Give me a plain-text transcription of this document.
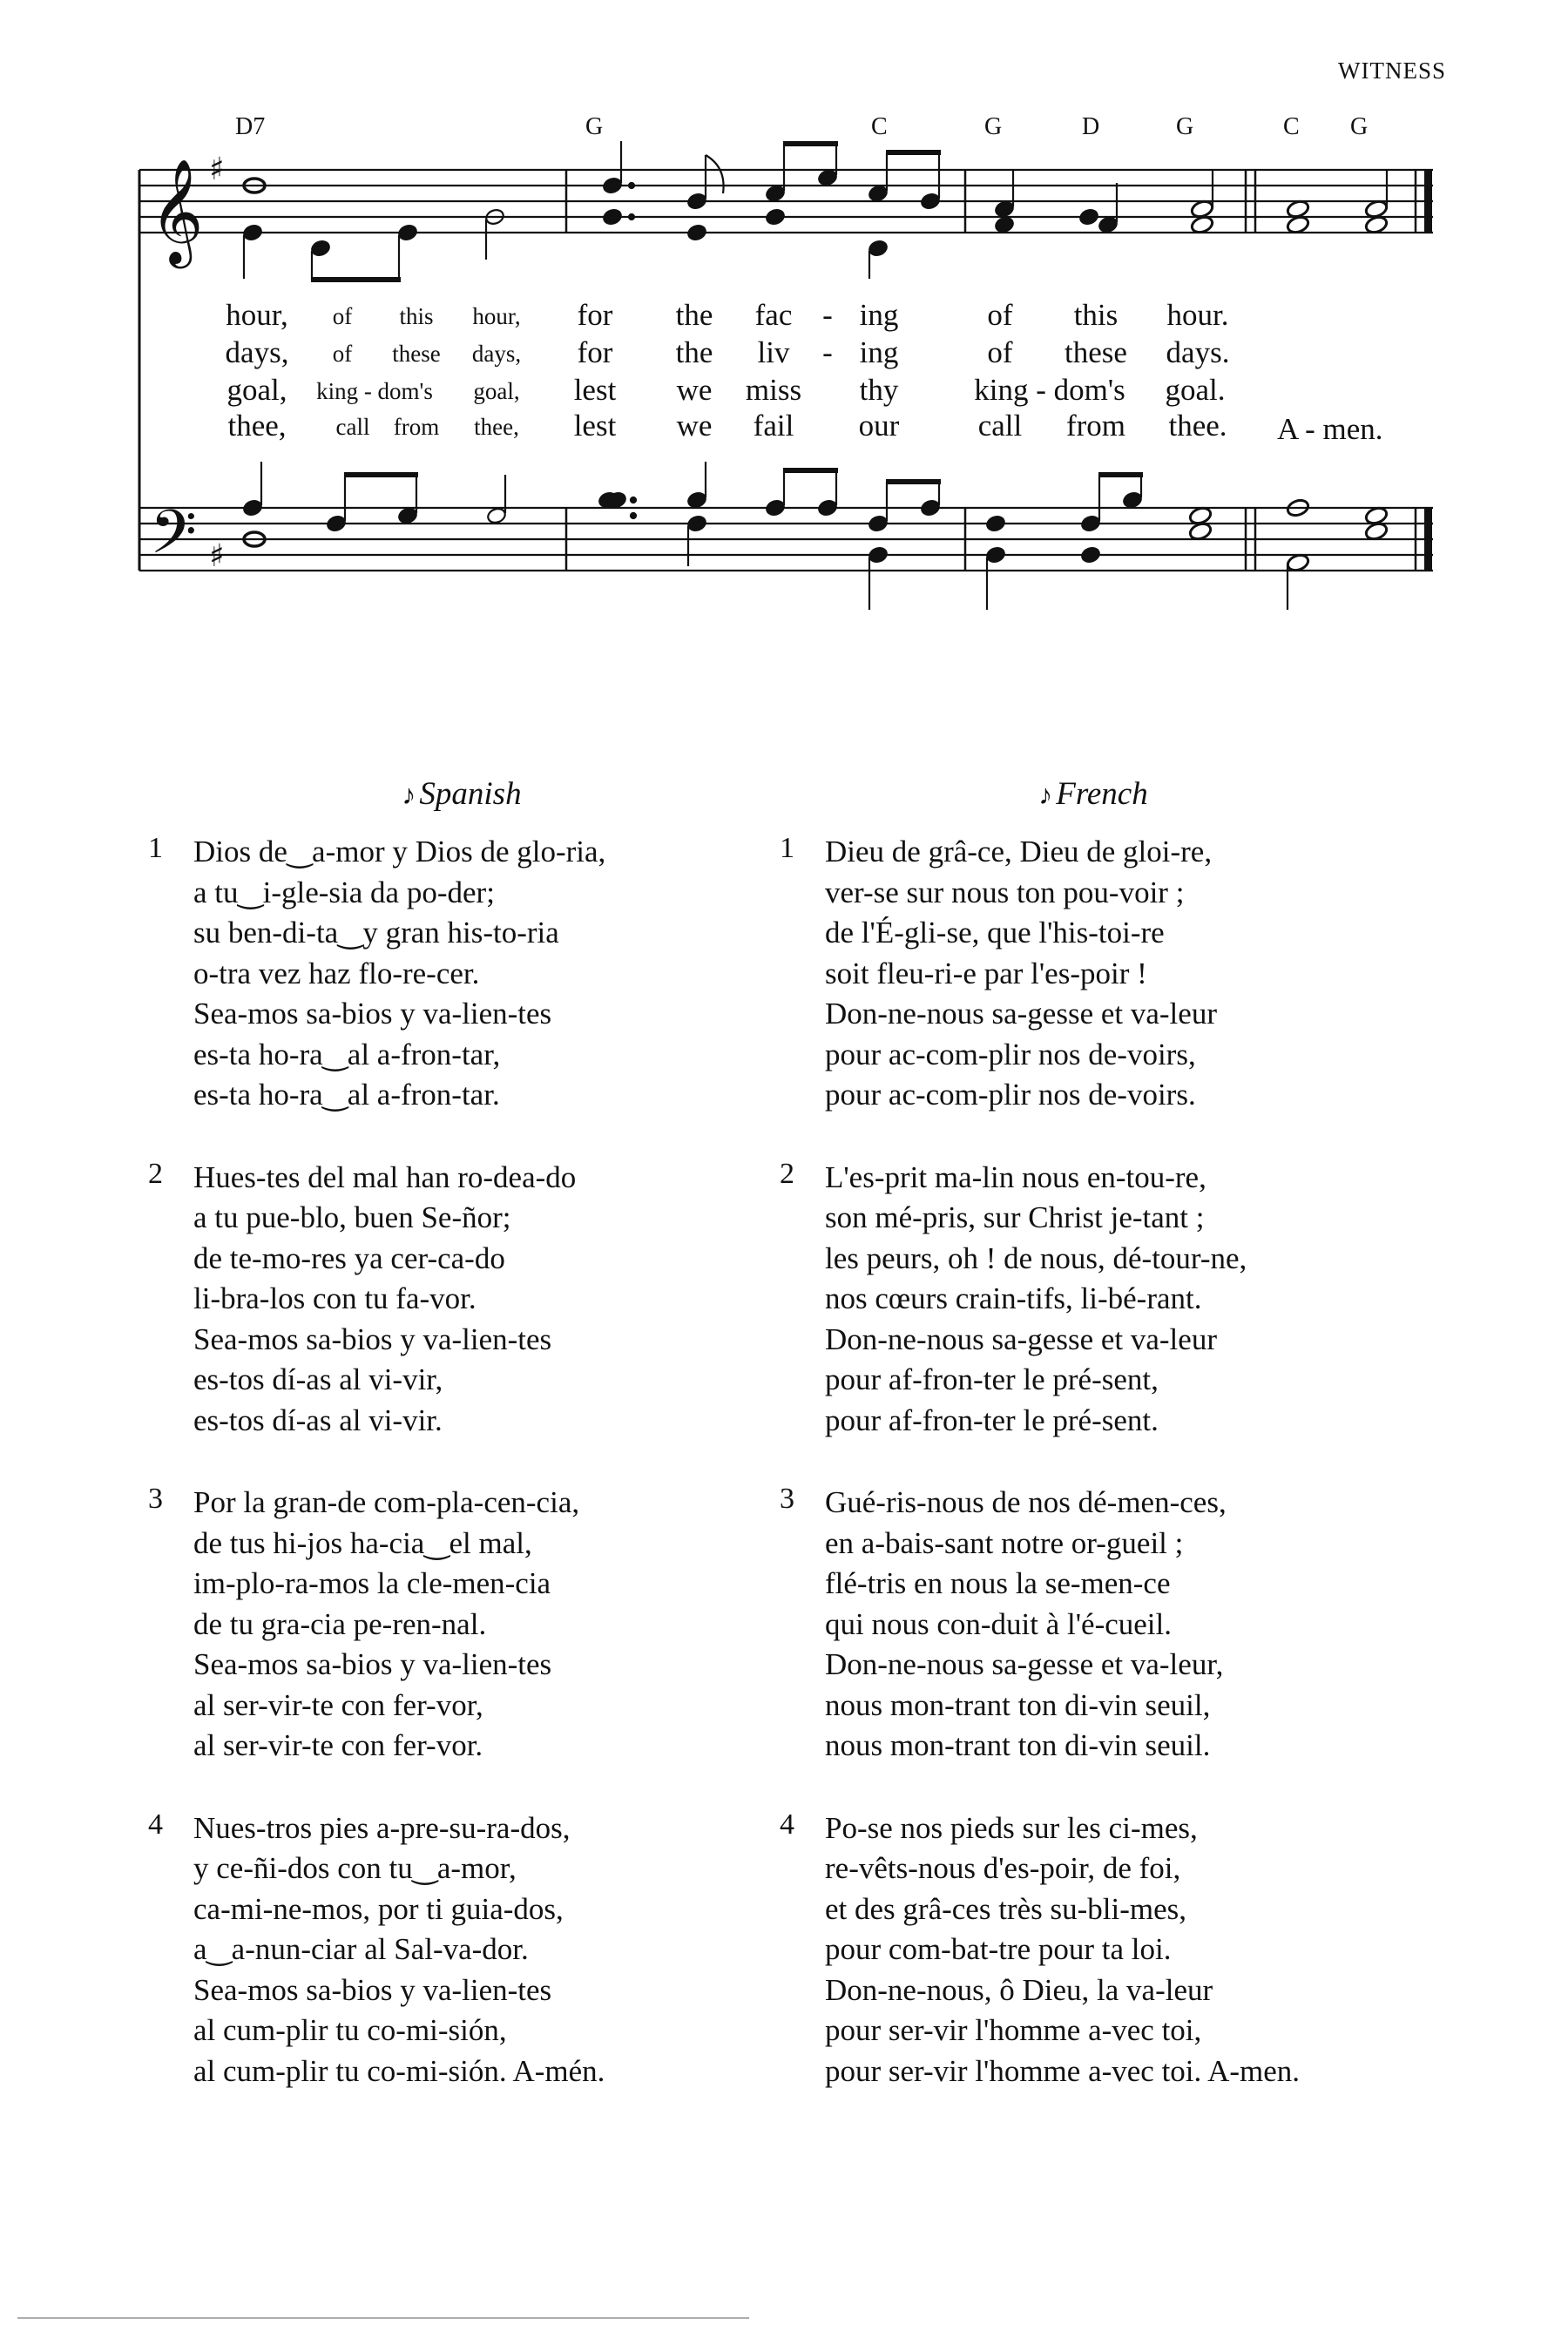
WITNESS
𝄞
𝄢
♯
♯
D7	G	C	G	D	G	C G
hour, of this hour, for the fac - ing	of this hour.
days, of these days, for the liv - ing	of these days.
goal, king - dom's goal, lest we miss thy king - dom's goal.
thee, call from thee, lest we fail our	call from thee. A - men.
♪ Spanish
1 Dios de‿a-mor y Dios de glo-ria,
a tu‿i-gle-sia da po-der;
su ben-di-ta‿y gran his-to-ria
o-tra vez haz flo-re-cer.
Sea-mos sa-bios y va-lien-tes
es-ta ho-ra‿al a-fron-tar,
es-ta ho-ra‿al a-fron-tar.
2 Hues-tes del mal han ro-dea-do
a tu pue-blo, buen Se-ñor;
de te-mo-res ya cer-ca-do
li-bra-los con tu fa-vor.
Sea-mos sa-bios y va-lien-tes
es-tos dí-as al vi-vir,
es-tos dí-as al vi-vir.
3 Por la gran-de com-pla-cen-cia,
de tus hi-jos ha-cia‿el mal,
im-plo-ra-mos la cle-men-cia
de tu gra-cia pe-ren-nal.
Sea-mos sa-bios y va-lien-tes
al ser-vir-te con fer-vor,
al ser-vir-te con fer-vor.
4 Nues-tros pies a-pre-su-ra-dos,
y ce-ñi-dos con tu‿a-mor,
ca-mi-ne-mos, por ti guia-dos,
a‿a-nun-ciar al Sal-va-dor.
Sea-mos sa-bios y va-lien-tes
al cum-plir tu co-mi-sión,
al cum-plir tu co-mi-sión. A-mén.
♪ French
1 Dieu de grâ-ce, Dieu de gloi-re,
ver-se sur nous ton pou-voir ;
de l'É-gli-se, que l'his-toi-re
soit fleu-ri-e par l'es-poir !
Don-ne-nous sa-gesse et va-leur
pour ac-com-plir nos de-voirs,
pour ac-com-plir nos de-voirs.
2 L'es-prit ma-lin nous en-tou-re,
son mé-pris, sur Christ je-tant ;
les peurs, oh ! de nous, dé-tour-ne,
nos cœurs crain-tifs, li-bé-rant.
Don-ne-nous sa-gesse et va-leur
pour af-fron-ter le pré-sent,
pour af-fron-ter le pré-sent.
3 Gué-ris-nous de nos dé-men-ces,
en a-bais-sant notre or-gueil ;
flé-tris en nous la se-men-ce
qui nous con-duit à l'é-cueil.
Don-ne-nous sa-gesse et va-leur,
nous mon-trant ton di-vin seuil,
nous mon-trant ton di-vin seuil.
4 Po-se nos pieds sur les ci-mes,
re-vêts-nous d'es-poir, de foi,
et des grâ-ces très su-bli-mes,
pour com-bat-tre pour ta loi.
Don-ne-nous, ô Dieu, la va-leur
pour ser-vir l'homme a-vec toi,
pour ser-vir l'homme a-vec toi. A-men.
